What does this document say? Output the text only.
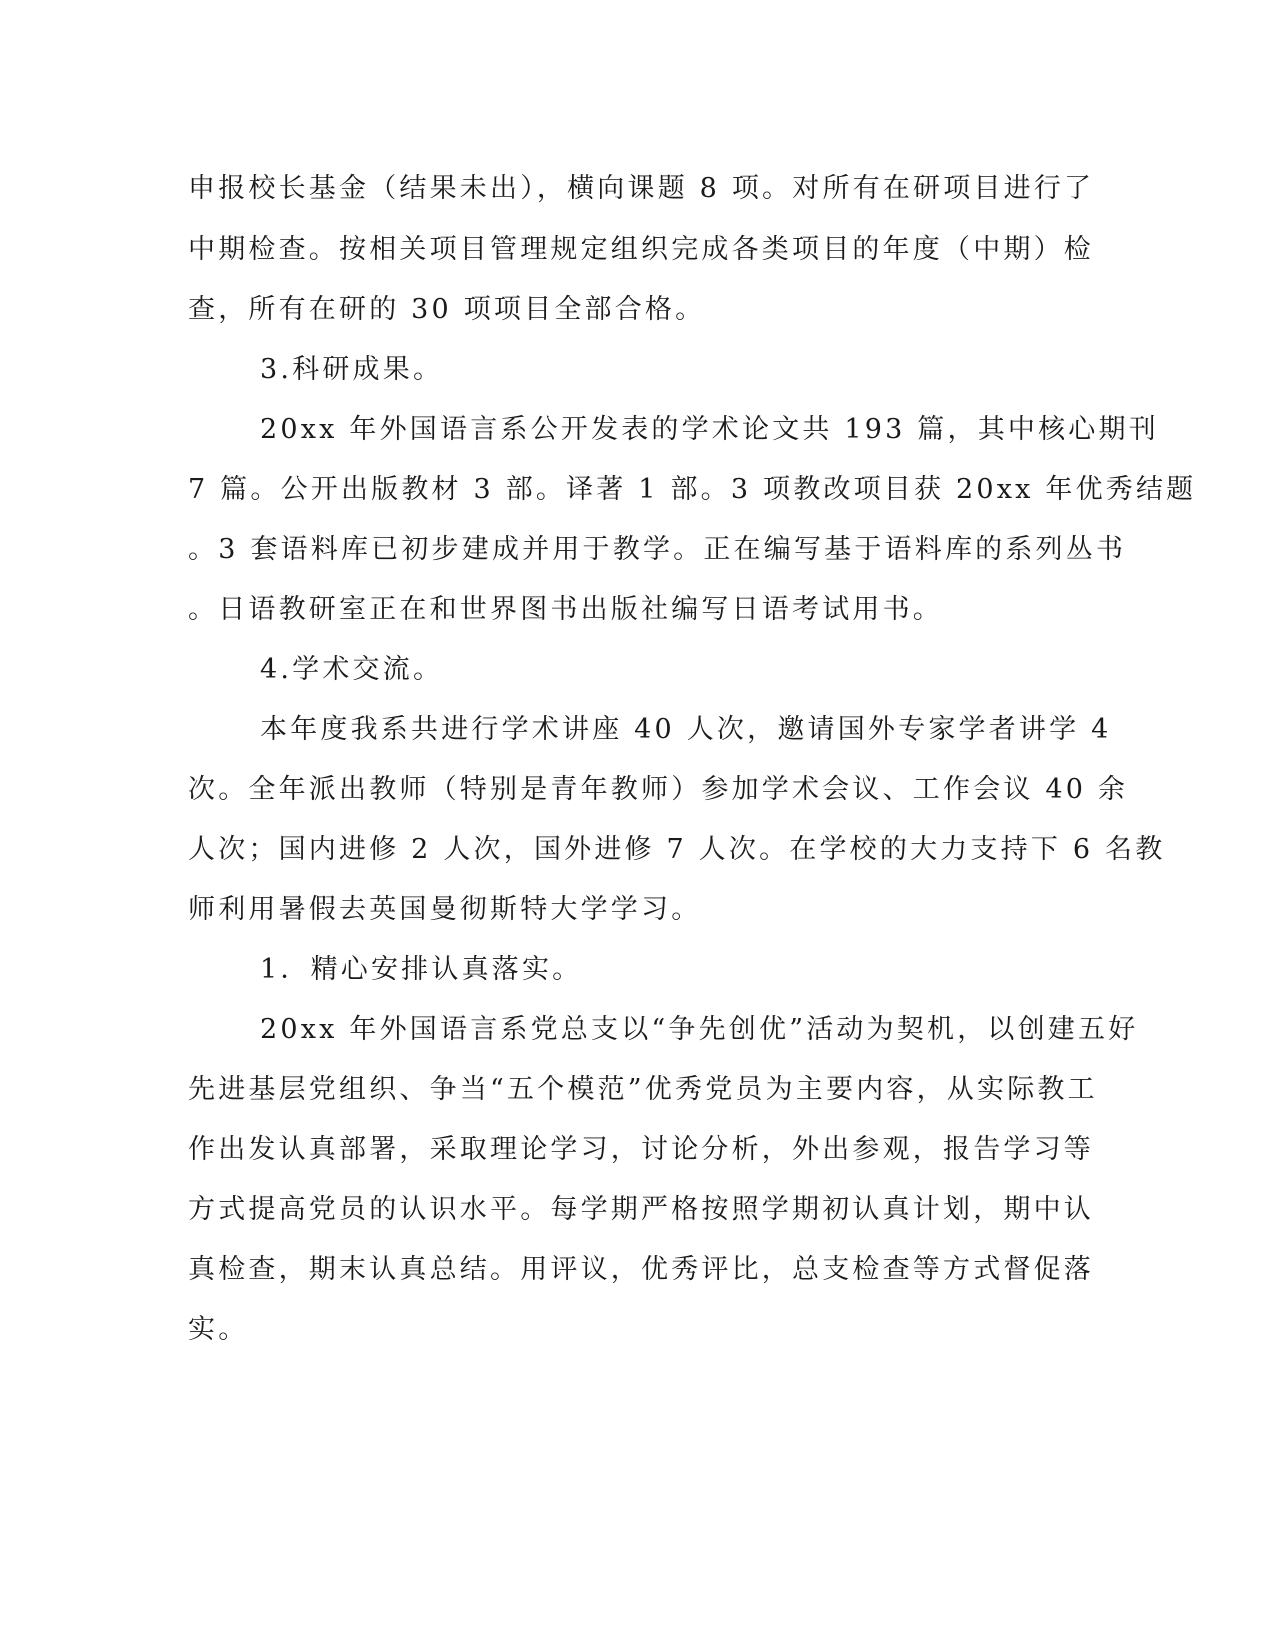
申报校长基金（结果未出），横向课题 8 项。对所有在研项目进行了
中期检查。按相关项目管理规定组织完成各类项目的年度（中期）检
查，所有在研的 30 项项目全部合格。
3.科研成果。
20xx 年外国语言系公开发表的学术论文共 193 篇，其中核心期刊
7 篇。公开出版教材 3 部。译著 1 部。3 项教改项目获 20xx 年优秀结题
。3 套语料库已初步建成并用于教学。正在编写基于语料库的系列丛书
。日语教研室正在和世界图书出版社编写日语考试用书。
4.学术交流。
本年度我系共进行学术讲座 40 人次，邀请国外专家学者讲学 4
次。全年派出教师（特别是青年教师）参加学术会议、工作会议 40 余
人次；国内进修 2 人次，国外进修 7 人次。在学校的大力支持下 6 名教
师利用暑假去英国曼彻斯特大学学习。
1．精心安排认真落实。
20xx 年外国语言系党总支以“争先创优”活动为契机，以创建五好
先进基层党组织、争当“五个模范”优秀党员为主要内容，从实际教工
作出发认真部署，采取理论学习，讨论分析，外出参观，报告学习等
方式提高党员的认识水平。每学期严格按照学期初认真计划，期中认
真检查，期末认真总结。用评议，优秀评比，总支检查等方式督促落
实。
